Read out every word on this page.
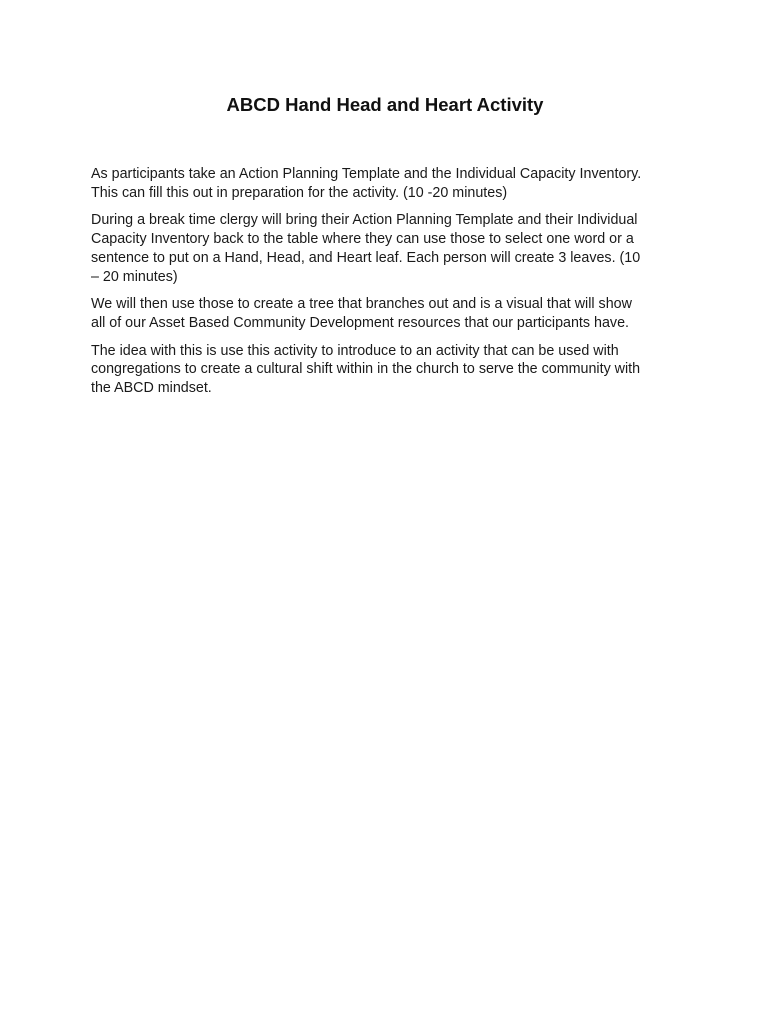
ABCD Hand Head and Heart Activity

As participants take an Action Planning Template and the Individual Capacity Inventory.
This can fill this out in preparation for the activity. (10 -20 minutes)

During a break time clergy will bring their Action Planning Template and their Individual
Capacity Inventory back to the table where they can use those to select one word or a
sentence to put on a Hand, Head, and Heart leaf. Each person will create 3 leaves. (10
– 20 minutes)

We will then use those to create a tree that branches out and is a visual that will show
all of our Asset Based Community Development resources that our participants have.

The idea with this is use this activity to introduce to an activity that can be used with
congregations to create a cultural shift within in the church to serve the community with
the ABCD mindset.
